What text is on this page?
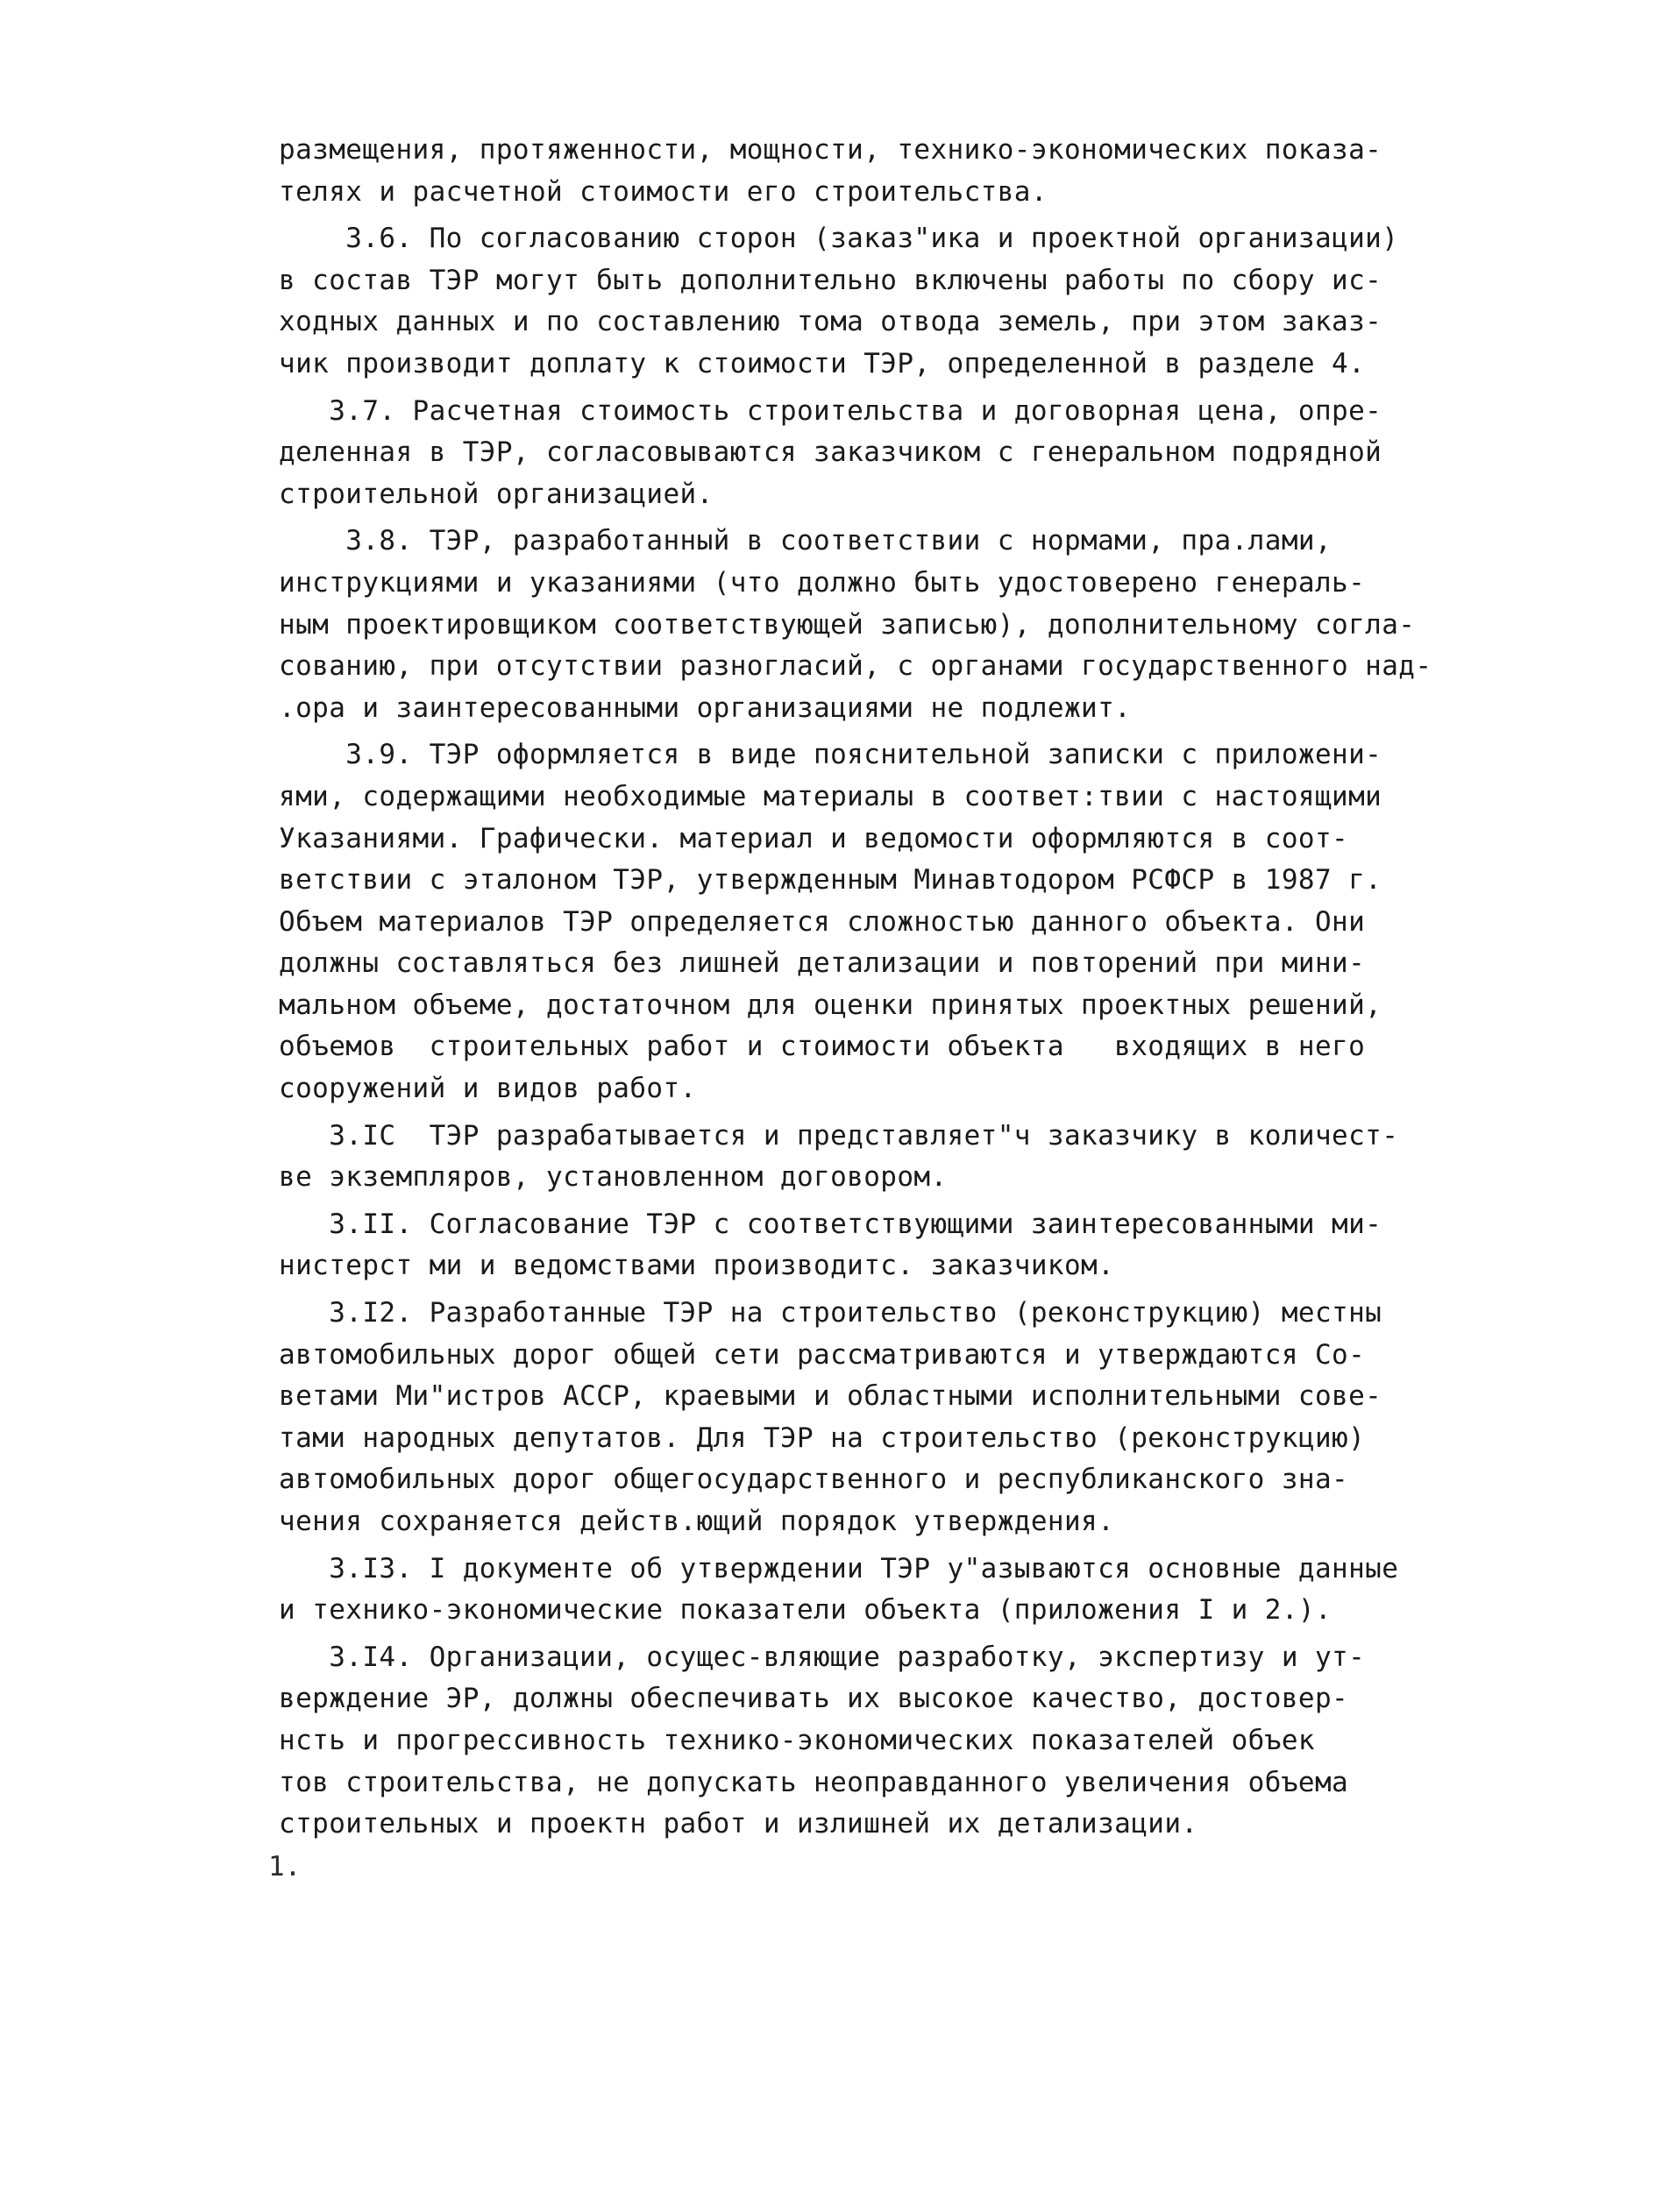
размещения, протяженности, мощности, технико-экономических показа-
телях и расчетной стоимости его строительства.
3.6. По согласованию сторон (заказ"ика и проектной организации)
в состав ТЭР могут быть дополнительно включены работы по сбору ис-
ходных данных и по составлению тома отвода земель, при этом заказ-
чик производит доплату к стоимости ТЭР, определенной в разделе 4.
3.7. Расчетная стоимость строительства и договорная цена, опре-
деленная в ТЭР, согласовываются заказчиком с генеральном подрядной
строительной организацией.
3.8. ТЭР, разработанный в соответствии с нормами, пра.лами,
инструкциями и указаниями (что должно быть удостоверено генераль-
ным проектировщиком соответствующей записью), дополнительному согла-
сованию, при отсутствии разногласий, с органами государственного над-
.ора и заинтересованными организациями не подлежит.
3.9. ТЭР оформляется в виде пояснительной записки с приложени-
ями, содержащими необходимые материалы в соответ:твии с настоящими
Указаниями. Графически. материал и ведомости оформляются в соот-
ветствии с эталоном ТЭР, утвержденным Минавтодором РСФСР в 1987 г.
Объем материалов ТЭР определяется сложностью данного объекта. Они
должны составляться без лишней детализации и повторений при мини-
мальном объеме, достаточном для оценки принятых проектных решений,
объемов  строительных работ и стоимости объекта   входящих в него
сооружений и видов работ.
3.IC  ТЭР разрабатывается и представляет"ч заказчику в количест-
ве экземпляров, установленном договором.
3.II. Согласование ТЭР с соответствующими заинтересованными ми-
нистерст ми и ведомствами производитс. заказчиком.
3.I2. Разработанные ТЭР на строительство (реконструкцию) местны
автомобильных дорог общей сети рассматриваются и утверждаются Со-
ветами Ми"истров АССР, краевыми и областными исполнительными сове-
тами народных депутатов. Для ТЭР на строительство (реконструкцию)
автомобильных дорог общегосударственного и республиканского зна-
чения сохраняется действ.ющий порядок утверждения.
3.I3. I документе об утверждении ТЭР у"азываются основные данные
и технико-экономические показатели объекта (приложения I и 2.).
3.I4. Организации, осущес-вляющие разработку, экспертизу и ут-
верждение ЭР, должны обеспечивать их высокое качество, достовер-
нсть и прогрессивность технико-экономических показателей объек
тов строительства, не допускать неоправданного увеличения объема
строительных и проектн работ и излишней их детализации.
1.
